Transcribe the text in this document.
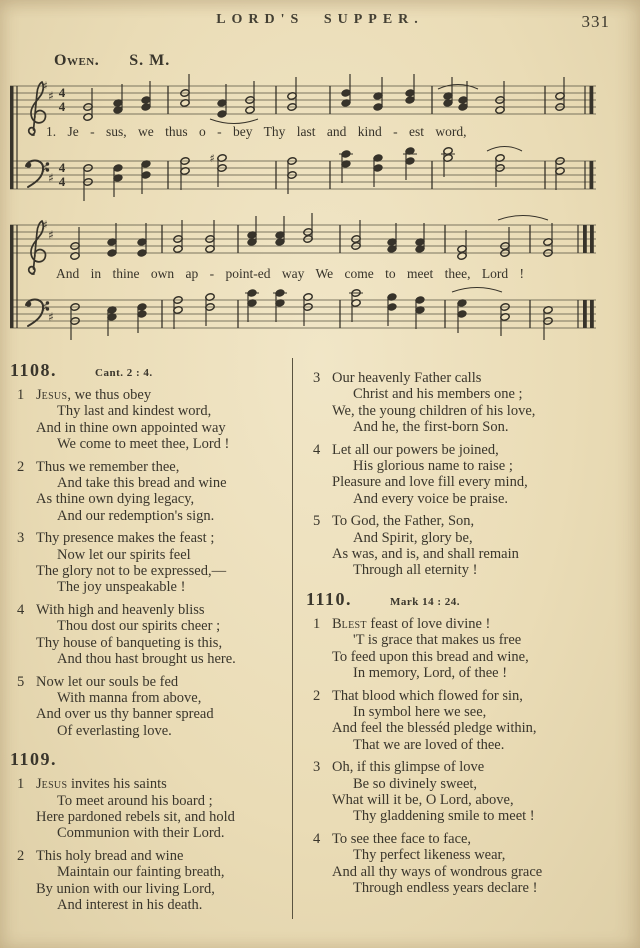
LORD'S SUPPER.	331
Owen. S. M.
♯
♯
♯
♯
4
4
4
4
♯
1. Je - sus, we thus o - bey Thy last and kind - est word,
♯
♯
♯
♯
And in thine own ap - point-ed way We come to meet thee, Lord !
1108.	Cant. 2 : 4.
1 Jesus, we thus obey
Thy last and kindest word,
And in thine own appointed way
We come to meet thee, Lord !
2 Thus we remember thee,
And take this bread and wine
As thine own dying legacy,
And our redemption's sign.
3 Thy presence makes the feast ;
Now let our spirits feel
The glory not to be expressed,—
The joy unspeakable !
4 With high and heavenly bliss
Thou dost our spirits cheer ;
Thy house of banqueting is this,
And thou hast brought us here.
5 Now let our souls be fed
With manna from above,
And over us thy banner spread
Of everlasting love.
1109.
1 Jesus invites his saints
To meet around his board ;
Here pardoned rebels sit, and hold
Communion with their Lord.
2 This holy bread and wine
Maintain our fainting breath,
By union with our living Lord,
And interest in his death.
3 Our heavenly Father calls
Christ and his members one ;
We, the young children of his love,
And he, the first-born Son.
4 Let all our powers be joined,
His glorious name to raise ;
Pleasure and love fill every mind,
And every voice be praise.
5 To God, the Father, Son,
And Spirit, glory be,
As was, and is, and shall remain
Through all eternity !
1110.	Mark 14 : 24.
1 Blest feast of love divine !
'T is grace that makes us free
To feed upon this bread and wine,
In memory, Lord, of thee !
2 That blood which flowed for sin,
In symbol here we see,
And feel the blesséd pledge within,
That we are loved of thee.
3 Oh, if this glimpse of love
Be so divinely sweet,
What will it be, O Lord, above,
Thy gladdening smile to meet !
4 To see thee face to face,
Thy perfect likeness wear,
And all thy ways of wondrous grace
Through endless years declare !
